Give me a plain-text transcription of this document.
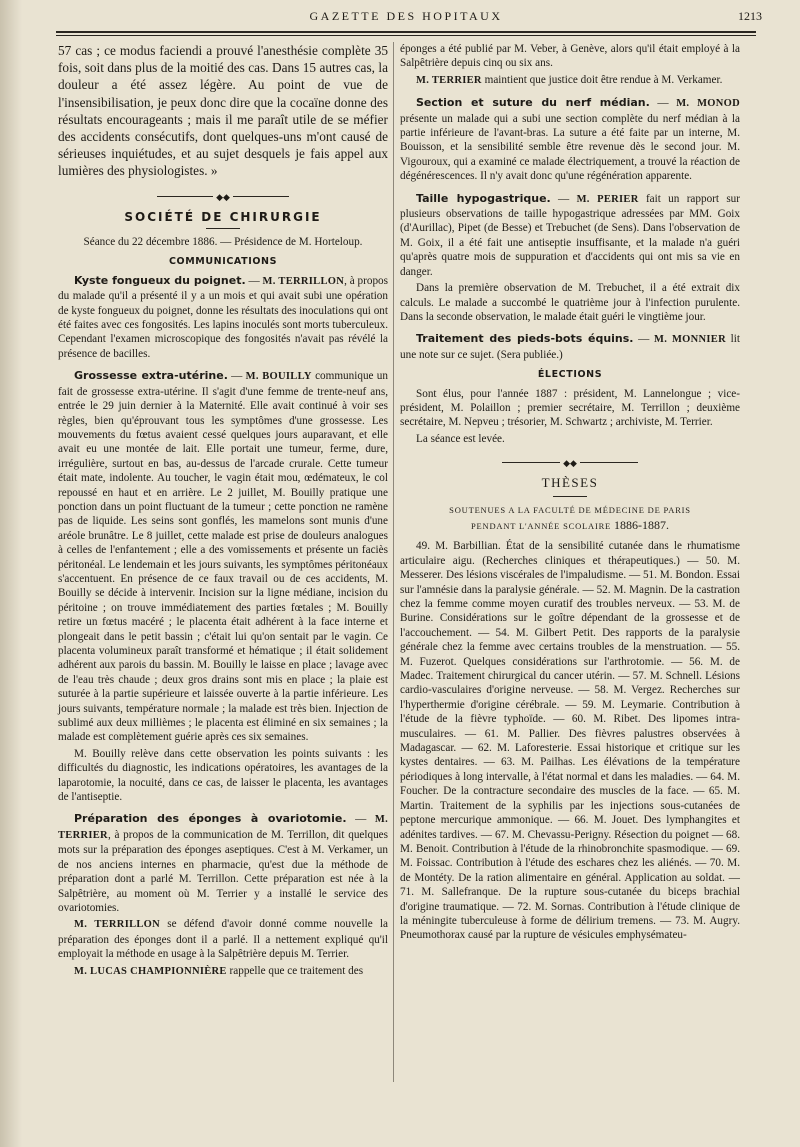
GAZETTE DES HOPITAUX	1213

57 cas ; ce modus faciendi a prouvé l'anesthésie complète 35 fois, soit dans plus de la moitié des cas. Dans 15 autres cas, la douleur a été assez légère. Au point de vue de l'insensibilisation, je peux donc dire que la cocaïne donne des résultats encourageants ; mais il me paraît utile de se méfier des accidents consécutifs, dont quelques-uns m'ont causé de sérieuses inquiétudes, et au sujet desquels je fais appel aux lumières des physiologistes. »

◆◆
SOCIÉTÉ DE CHIRURGIE

Séance du 22 décembre 1886. — Présidence de M. Horteloup.

COMMUNICATIONS

Kyste fongueux du poignet. — M. TERRILLON, à propos du malade qu'il a présenté il y a un mois et qui avait subi une opération de kyste fongueux du poignet, donne les résultats des inoculations qui ont été faites avec ces fongosités. Les lapins inoculés sont morts tuberculeux. Cependant l'examen microscopique des fongosités n'avait pas révélé la présence de bacilles.

Grossesse extra-utérine. — M. BOUILLY communique un fait de grossesse extra-utérine. Il s'agit d'une femme de trente-neuf ans, entrée le 29 juin dernier à la Maternité. Elle avait continué à voir ses règles, bien qu'éprouvant tous les symptômes d'une grossesse. Les mouvements du fœtus avaient cessé quelques jours auparavant, et elle avait eu une montée de lait. Elle portait une tumeur, ferme, dure, irrégulière, surtout en bas, au-dessus de l'arcade crurale. Cette tumeur était mate, indolente. Au toucher, le vagin était mou, œdémateux, le col repoussé en haut et en arrière. Le 2 juillet, M. Bouilly pratique une ponction dans un point fluctuant de la tumeur ; cette ponction ne ramène pas de liquide. Les seins sont gonflés, les mamelons sont munis d'une aréole brunâtre. Le 8 juillet, cette malade est prise de douleurs analogues à celles de l'enfantement ; elle a des vomissements et présente un faciès péritonéal. Le lendemain et les jours suivants, les symptômes péritonéaux s'accentuent. En présence de ce faux travail ou de ces accidents, M. Bouilly se décide à intervenir. Incision sur la ligne médiane, incision du péritoine ; on trouve immédiatement des parties fœtales ; M. Bouilly retire un fœtus macéré ; le placenta était adhérent à la face interne et plongeait dans le petit bassin ; c'était lui qu'on sentait par le vagin. Ce placenta volumineux paraît transformé et hématique ; il était solidement adhérent aux parois du bassin. M. Bouilly le laisse en place ; lavage avec de l'eau très chaude ; deux gros drains sont mis en place ; la plaie est suturée à la partie supérieure et laissée ouverte à la partie inférieure. Les jours suivants, température normale ; la malade est très bien. Injection de sublimé aux deux millièmes ; le placenta est éliminé en six semaines ; la malade est complètement guérie après ces six semaines.

M. Bouilly relève dans cette observation les points suivants : les difficultés du diagnostic, les indications opératoires, les avantages de la laparotomie, la nocuité, dans ce cas, de laisser le placenta, les avantages de l'antiseptie.

Préparation des éponges à ovariotomie. — M. TERRIER, à propos de la communication de M. Terrillon, dit quelques mots sur la préparation des éponges aseptiques. C'est à M. Verkamer, un de nos anciens internes en pharmacie, qu'est due la méthode de préparation dont a parlé M. Terrillon. Cette préparation est née à la Salpêtrière, au moment où M. Terrier y a installé le service des ovariotomies.

M. TERRILLON se défend d'avoir donné comme nouvelle la préparation des éponges dont il a parlé. Il a nettement expliqué qu'il employait la méthode en usage à la Salpêtrière depuis M. Terrier.

M. LUCAS CHAMPIONNIÈRE rappelle que ce traitement des

éponges a été publié par M. Veber, à Genève, alors qu'il était employé à la Salpêtrière depuis cinq ou six ans.

M. TERRIER maintient que justice doit être rendue à M. Verkamer.

Section et suture du nerf médian. — M. MONOD présente un malade qui a subi une section complète du nerf médian à la partie inférieure de l'avant-bras. La suture a été faite par un interne, M. Bouisson, et la sensibilité semble être revenue dès le second jour. M. Vigouroux, qui a examiné ce malade électriquement, a trouvé la réaction de dégénérescences. Il n'y avait donc qu'une régénération apparente.

Taille hypogastrique. — M. PERIER fait un rapport sur plusieurs observations de taille hypogastrique adressées par MM. Goix (d'Aurillac), Pipet (de Besse) et Trebuchet (de Sens). Dans l'observation de M. Goix, il a été fait une antiseptie insuffisante, et la malade n'a guéri qu'après quatre mois de suppuration et d'accidents qui ont mis sa vie en danger.

Dans la première observation de M. Trebuchet, il a été extrait dix calculs. Le malade a succombé le quatrième jour à l'infection purulente. Dans la seconde observation, le malade était guéri le vingtième jour.

Traitement des pieds-bots équins. — M. MONNIER lit une note sur ce sujet. (Sera publiée.)

ÉLECTIONS

Sont élus, pour l'année 1887 : président, M. Lannelongue ; vice-président, M. Polaillon ; premier secrétaire, M. Terrillon ; deuxième secrétaire, M. Nepveu ; trésorier, M. Schwartz ; archiviste, M. Terrier.

La séance est levée.

◆◆
THÈSES
SOUTENUES A LA FACULTÉ DE MÉDECINE DE PARIS
PENDANT L'ANNÉE SCOLAIRE 1886-1887.

49. M. Barbillian. État de la sensibilité cutanée dans le rhumatisme articulaire aigu. (Recherches cliniques et thérapeutiques.) — 50. M. Messerer. Des lésions viscérales de l'impaludisme. — 51. M. Bondon. Essai sur l'amnésie dans la paralysie générale. — 52. M. Magnin. De la castration chez la femme comme moyen curatif des troubles nerveux. — 53. M. de Burine. Considérations sur le goître dépendant de la grossesse et de l'accouchement. — 54. M. Gilbert Petit. Des rapports de la paralysie générale chez la femme avec certains troubles de la menstruation. — 55. M. Fuzerot. Quelques considérations sur l'arthrotomie. — 56. M. de Madec. Traitement chirurgical du cancer utérin. — 57. M. Schnell. Lésions cardio-vasculaires d'origine nerveuse. — 58. M. Vergez. Recherches sur l'hyperthermie d'origine cérébrale. — 59. M. Leymarie. Contribution à l'étude de la fièvre typhoïde. — 60. M. Ribet. Des lipomes intra-musculaires. — 61. M. Pallier. Des fièvres palustres observées à Madagascar. — 62. M. Laforesterie. Essai historique et critique sur les kystes dentaires. — 63. M. Pailhas. Les élévations de la température périodiques à long intervalle, à l'état normal et dans les maladies. — 64. M. Foucher. De la contracture secondaire des muscles de la face. — 65. M. Martin. Traitement de la syphilis par les injections sous-cutanées de peptone mercurique ammonique. — 66. M. Jouet. Des lymphangites et adénites tardives. — 67. M. Chevassu-Perigny. Résection du poignet — 68. M. Benoit. Contribution à l'étude de la rhinobronchite spasmodique. — 69. M. Foissac. Contribution à l'étude des eschares chez les aliénés. — 70. M. de Montéty. De la ration alimentaire en général. Application au soldat. — 71. M. Sallefranque. De la rupture sous-cutanée du biceps brachial d'origine traumatique. — 72. M. Sornas. Contribution à l'étude clinique de la méningite tuberculeuse à forme de délirium tremens. — 73. M. Augry. Pneumothorax causé par la rupture de vésicules emphysémateu-
